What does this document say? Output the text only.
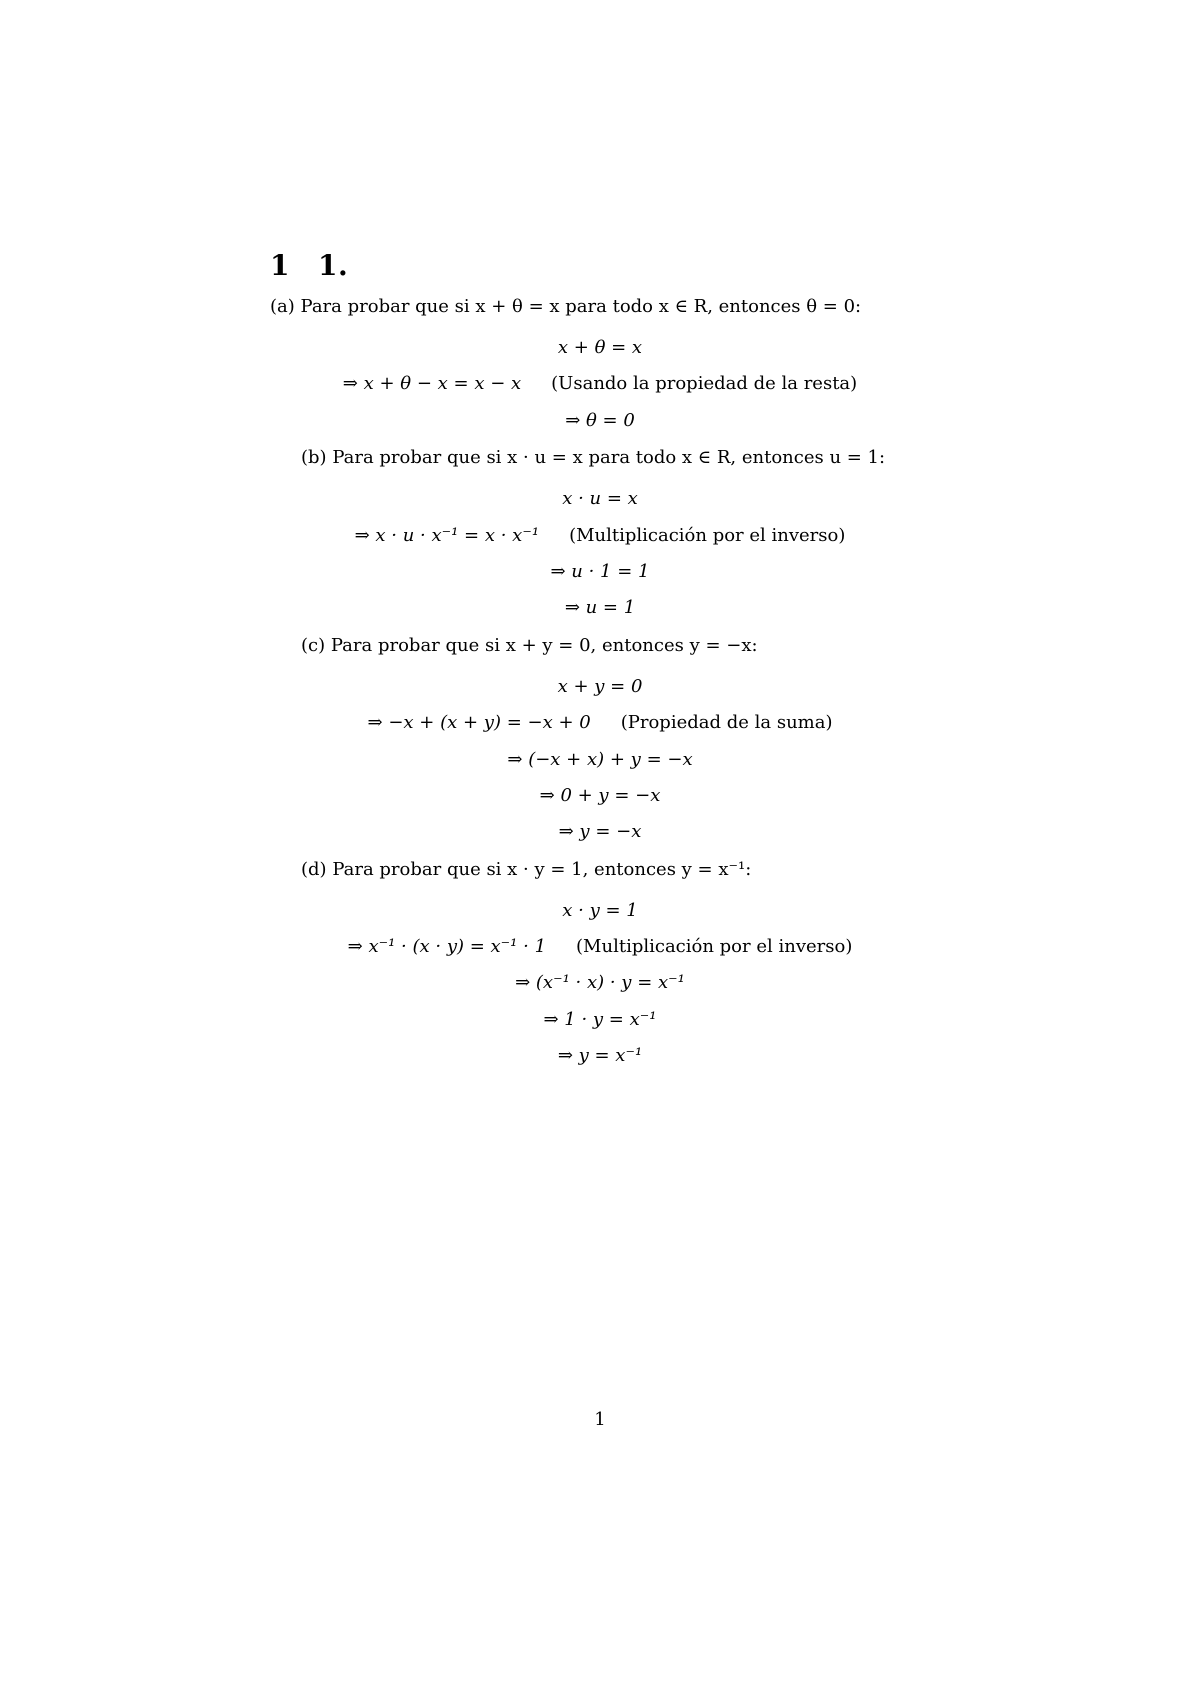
1 1.

(a) Para probar que si x + θ = x para todo x ∈ R, entonces θ = 0:

x + θ = x
⇒ x + θ − x = x − x (Usando la propiedad de la resta)
⇒ θ = 0

(b) Para probar que si x · u = x para todo x ∈ R, entonces u = 1:

x · u = x
⇒ x · u · x⁻¹ = x · x⁻¹ (Multiplicación por el inverso)
⇒ u · 1 = 1
⇒ u = 1

(c) Para probar que si x + y = 0, entonces y = −x:

x + y = 0
⇒ −x + (x + y) = −x + 0 (Propiedad de la suma)
⇒ (−x + x) + y = −x
⇒ 0 + y = −x
⇒ y = −x

(d) Para probar que si x · y = 1, entonces y = x⁻¹:

x · y = 1
⇒ x⁻¹ · (x · y) = x⁻¹ · 1 (Multiplicación por el inverso)
⇒ (x⁻¹ · x) · y = x⁻¹
⇒ 1 · y = x⁻¹
⇒ y = x⁻¹
1
